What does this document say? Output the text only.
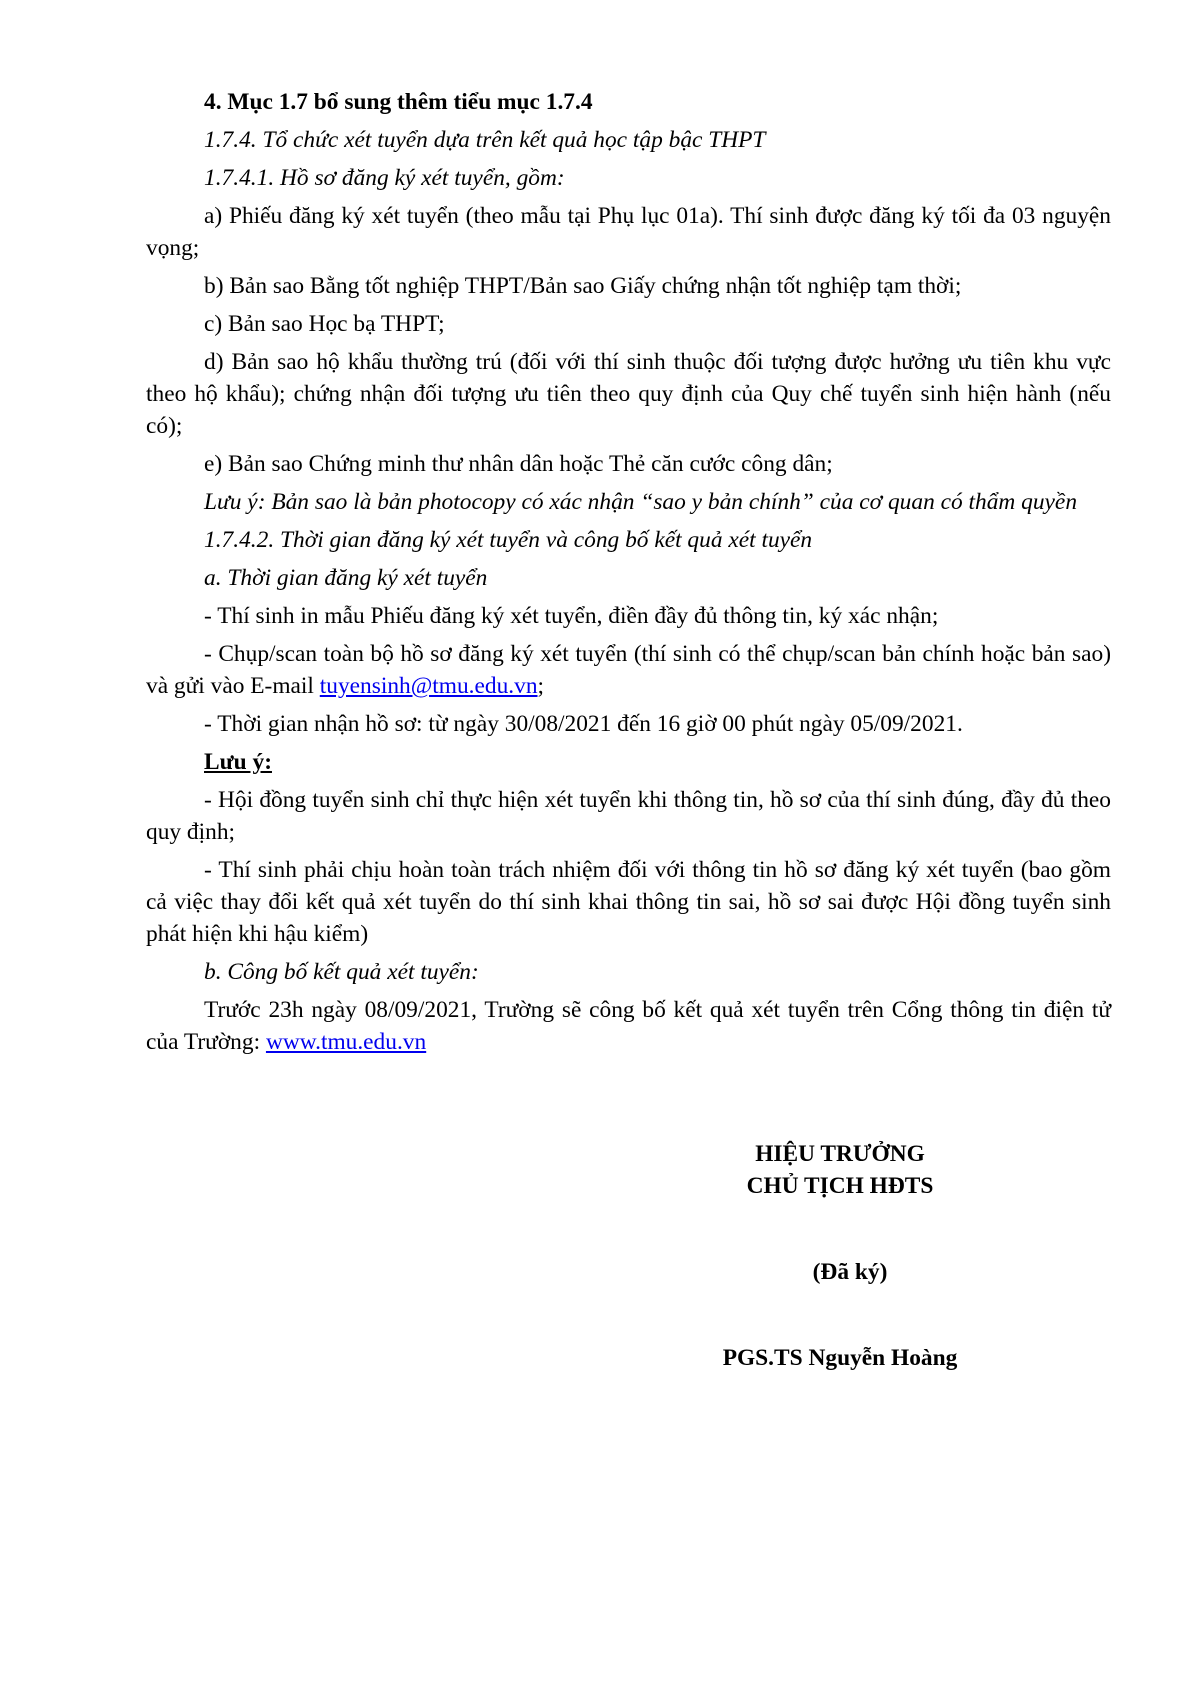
4. Mục 1.7 bổ sung thêm tiểu mục 1.7.4

1.7.4. Tổ chức xét tuyển dựa trên kết quả học tập bậc THPT

1.7.4.1. Hồ sơ đăng ký xét tuyển, gồm:

a) Phiếu đăng ký xét tuyển (theo mẫu tại Phụ lục 01a). Thí sinh được đăng ký tối đa 03 nguyện vọng;

b) Bản sao Bằng tốt nghiệp THPT/Bản sao Giấy chứng nhận tốt nghiệp tạm thời;

c) Bản sao Học bạ THPT;

d) Bản sao hộ khẩu thường trú (đối với thí sinh thuộc đối tượng được hưởng ưu tiên khu vực theo hộ khẩu); chứng nhận đối tượng ưu tiên theo quy định của Quy chế tuyển sinh hiện hành (nếu có);

e) Bản sao Chứng minh thư nhân dân hoặc Thẻ căn cước công dân;

Lưu ý: Bản sao là bản photocopy có xác nhận “sao y bản chính” của cơ quan có thẩm quyền

1.7.4.2. Thời gian đăng ký xét tuyển và công bố kết quả xét tuyển

a. Thời gian đăng ký xét tuyển

- Thí sinh in mẫu Phiếu đăng ký xét tuyển, điền đầy đủ thông tin, ký xác nhận;

- Chụp/scan toàn bộ hồ sơ đăng ký xét tuyển (thí sinh có thể chụp/scan bản chính hoặc bản sao) và gửi vào E-mail tuyensinh@tmu.edu.vn;

- Thời gian nhận hồ sơ: từ ngày 30/08/2021 đến 16 giờ 00 phút ngày 05/09/2021.

Lưu ý:

- Hội đồng tuyển sinh chỉ thực hiện xét tuyển khi thông tin, hồ sơ của thí sinh đúng, đầy đủ theo quy định;

- Thí sinh phải chịu hoàn toàn trách nhiệm đối với thông tin hồ sơ đăng ký xét tuyển (bao gồm cả việc thay đổi kết quả xét tuyển do thí sinh khai thông tin sai, hồ sơ sai được Hội đồng tuyển sinh phát hiện khi hậu kiểm)

b. Công bố kết quả xét tuyển:

Trước 23h ngày 08/09/2021, Trường sẽ công bố kết quả xét tuyển trên Cổng thông tin điện tử của Trường: www.tmu.edu.vn

HIỆU TRƯỞNG
CHỦ TỊCH HĐTS
(Đã ký)
PGS.TS Nguyễn Hoàng
